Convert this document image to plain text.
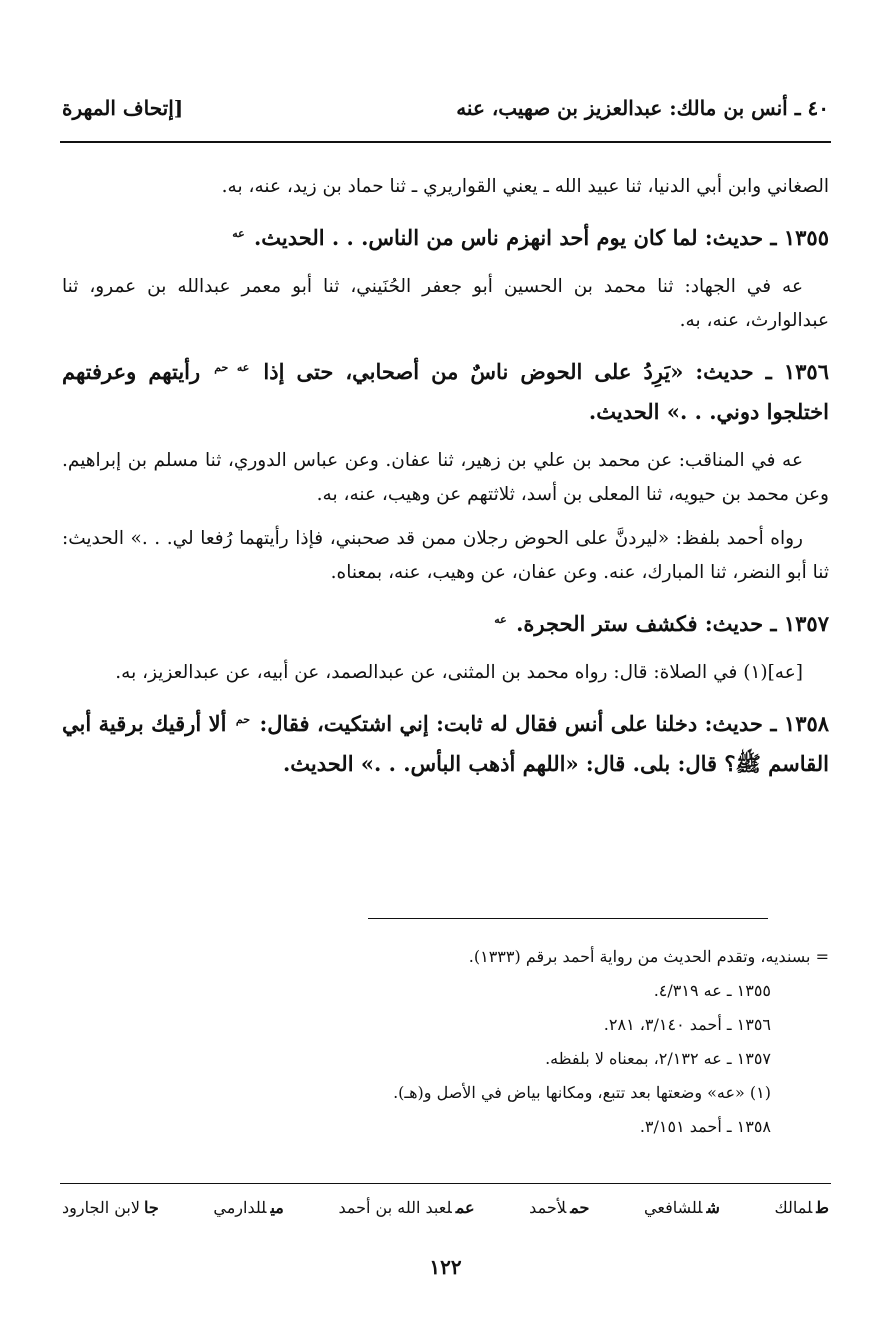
٤٠ ـ أنس بن مالك: عبدالعزيز بن صهيب، عنه
[إتحاف المهرة

الصغاني وابن أبي الدنيا، ثنا عبيد الله ـ يعني القواريري ـ ثنا حماد بن زيد، عنه، به.

١٣٥٥ ـ حديث: لما كان يوم أحد انهزم ناس من الناس. . . الحديث. $^{عه}$

عه في الجهاد: ثنا محمد بن الحسين أبو جعفر الحُنَيني، ثنا أبو معمر عبدالله بن عمرو، ثنا عبدالوارث، عنه، به.

١٣٥٦ ـ حديث: «يَرِدُ على الحوض ناسٌ من أصحابي، حتى إذا $^{عه حم}$ رأيتهم وعرفتهم اختلجوا دوني. . .» الحديث.

عه في المناقب: عن محمد بن علي بن زهير، ثنا عفان. وعن عباس الدوري، ثنا مسلم بن إبراهيم. وعن محمد بن حيويه، ثنا المعلى بن أسد، ثلاثتهم عن وهيب، عنه، به.

رواه أحمد بلفظ: «ليردنَّ على الحوض رجلان ممن قد صحبني، فإذا رأيتهما رُفعا لي. . .» الحديث: ثنا أبو النضر، ثنا المبارك، عنه. وعن عفان، عن وهيب، عنه، بمعناه.

١٣٥٧ ـ حديث: فكشف ستر الحجرة. $^{عه}$

[عه](١) في الصلاة: قال: رواه محمد بن المثنى، عن عبدالصمد، عن أبيه، عن عبدالعزيز، به.

١٣٥٨ ـ حديث: دخلنا على أنس فقال له ثابت: إني اشتكيت، فقال: $^{حم}$ ألا أرقيك برقية أبي القاسم ﷺ؟ قال: بلى. قال: «اللهم أذهب البأس. . .» الحديث.

= بسنديه، وتقدم الحديث من رواية أحمد برقم (١٣٣٣).

١٣٥٥ ـ عه ٤/٣١٩.

١٣٥٦ ـ أحمد ٣/١٤٠، ٢٨١.

١٣٥٧ ـ عه ٢/١٣٢، بمعناه لا بلفظه.

(١) «عه» وضعتها بعد تتبع، ومكانها بياض في الأصل و(هـ).

١٣٥٨ ـ أحمد ٣/١٥١.

طلمالك
شللشافعي
حملأحمد
عملعبد الله بن أحمد
ميللدارمي
جالابن الجارود
١٢٢
